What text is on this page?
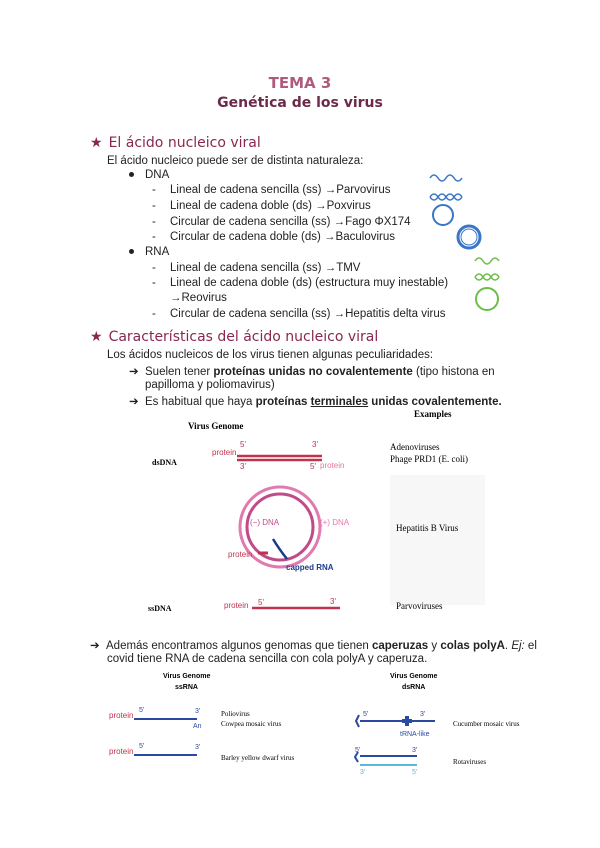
TEMA 3
Genética de los virus
★ El ácido nucleico viral
El ácido nucleico puede ser de distinta naturaleza:
DNA
- Lineal de cadena sencilla (ss) →Parvovirus
- Lineal de cadena doble (ds) →Poxvirus
- Circular de cadena sencilla (ss) →Fago ΦX174
- Circular de cadena doble (ds) →Baculovirus
RNA
- Lineal de cadena sencilla (ss) →TMV
- Lineal de cadena doble (ds) (estructura muy inestable)
→Reovirus
- Circular de cadena sencilla (ss) →Hepatitis delta virus
★ Características del ácido nucleico viral
Los ácidos nucleicos de los virus tienen algunas peculiaridades:
➔ Suelen tener proteínas unidas no covalentemente (tipo histona en
papilloma y poliomavirus)
➔ Es habitual que haya proteínas terminales unidas covalentemente.
Examples
Virus Genome
dsDNA
protein
5'	3'
3'	5' protein
Adenoviruses
Phage PRD1 (E. coli)
(−) DNA	(+) DNA
protein
capped RNA
Hepatitis B Virus
ssDNA	protein 5'	3'	Parvoviruses
➔ Además encontramos algunos genomas que tienen caperuzas y colas polyA. Ej: el
covid tiene RNA de cadena sencilla con cola polyA y caperuza.
Virus Genome
ssRNA
Virus Genome
dsRNA
protein
5'	3'
An
Poliovirus
Cowpea mosaic virus
protein
5'	3'
Barley yellow dwarf virus
5'	3'
tRNA-like
Cucumber mosaic virus
5'	3'
3'	5'
Rotaviruses
